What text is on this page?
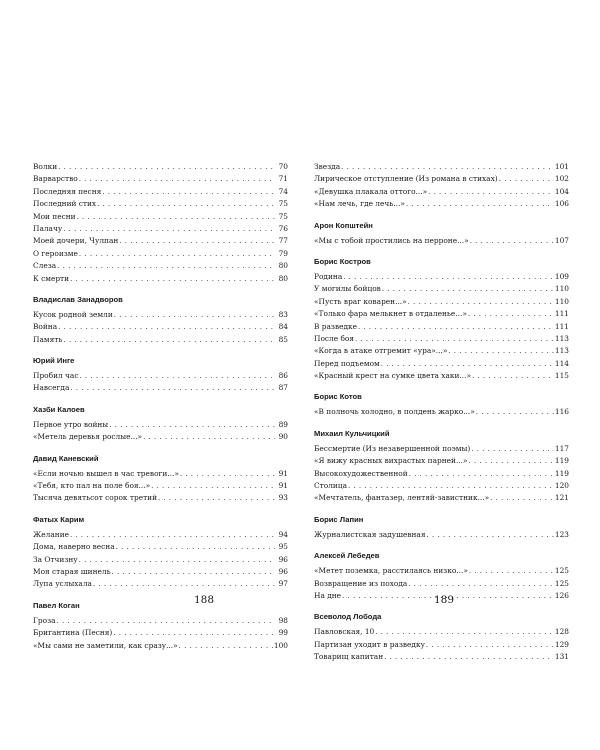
Волки . . .	70
Варварство . . .	71
Последняя песня . . .	74
Последний стих . . .	75
Мои песни . . .	75
Палачу . . .	76
Моей дочери, Чулпан . . .	77
О героизме . . .	79
Слеза . . .	80
К смерти . . .	80
Владислав Занадворов
Кусок родной земли . . .	83
Война . . .	84
Память . . .	85
Юрий Инге
Пробил час . . .	86
Навсегда . . .	87
Хазби Калоев
Первое утро войны . . .	89
«Метель деревья рослые...» . . .	90
Давид Каневский
«Если ночью вышел в час тревоги...» . . .	91
«Тебя, кто пал на поле боя...» . . .	91
Тысяча девятьсот сорок третий . . .	93
Фатых Карим
Желание . . .	94
Дома, наверно весна . . .	95
За Отчизну . . .	96
Моя старая шинель . . .	96
Лупа услыхала . . .	97
Павел Коган
Гроза . . .	98
Бригантина (Песня) . . .	99
«Мы сами не заметили, как сразу...» . . .	100
Звезда . . .	101
Лирическое отступление (Из романа в стихах) . . .	102
«Девушка плакала оттого...» . . .	104
«Нам лечь, где лечь...» . . .	106
Арон Копштейн
«Мы с тобой простились на перроне...» . . .	107
Борис Костров
Родина . . .	109
У могилы бойцов . . .	110
«Пусть враг коварен...» . . .	110
«Только фара мелькнет в отдаленье...» . . .	111
В разведке . . .	111
После боя . . .	113
«Когда в атаке отгремит «ура»...» . . .	113
Перед подъемом . . .	114
«Красный крест на сумке цвета хаки...» . . .	115
Борис Котов
«В полночь холодно, в полдень жарко...» . . .	116
Михаил Кульчицкий
Бессмертие (Из незавершенной поэмы) . . .	117
«Я вижу красных вихрастых парней...» . . .	119
Высокохудожественной . . .	119
Столица . . .	120
«Мечтатель, фантазер, лентяй-завистник...» . . .	121
Борис Лапин
Журналистская задушевная . . .	123
Алексей Лебедев
«Метет поземка, расстилаясь низко...» . . .	125
Возвращение из похода . . .	125
На дне . . .	126
Всеволод Лобода
Павловская, 10 . . .	128
Партизан уходит в разведку . . .	129
Товарищ капитан . . .	131
188	189
